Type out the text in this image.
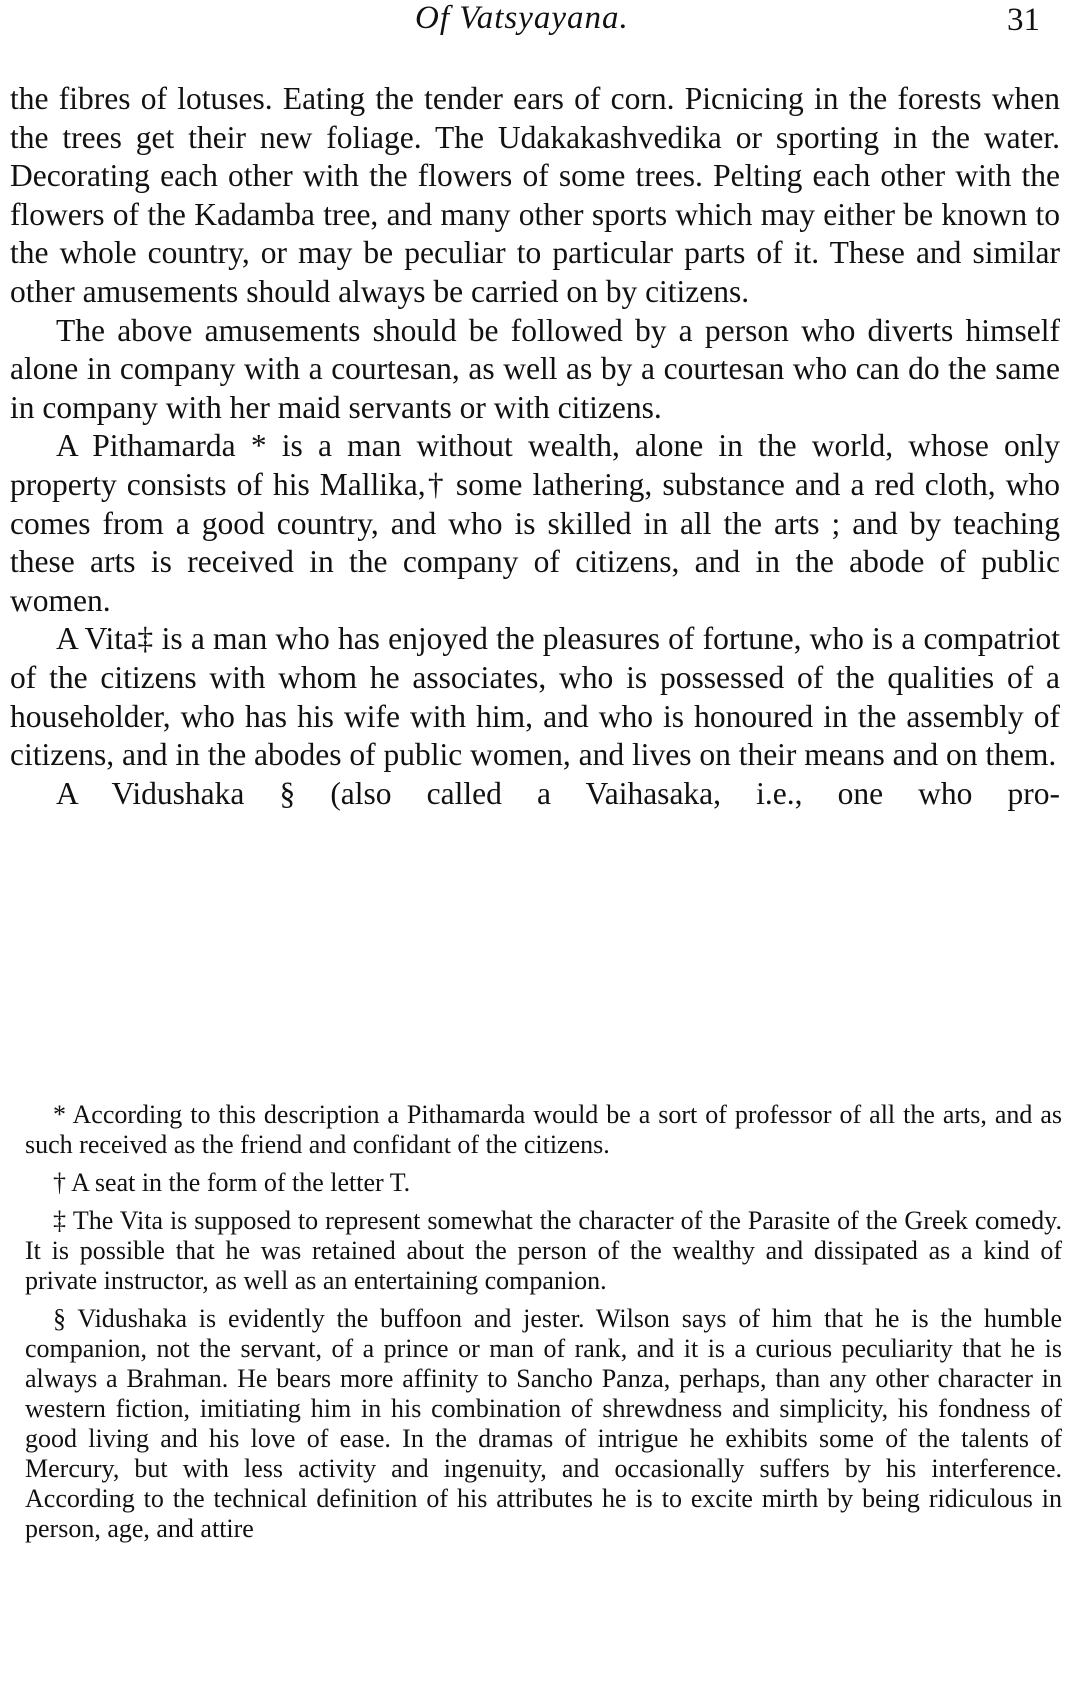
Of Vatsyayana.	31

the fibres of lotuses. Eating the tender ears of corn. Picnicing in the forests when the trees get their new foliage. The Udakakashvedika or sporting in the water. Decorating each other with the flowers of some trees. Pelting each other with the flowers of the Kadamba tree, and many other sports which may either be known to the whole country, or may be peculiar to particular parts of it. These and similar other amusements should always be carried on by citizens.

The above amusements should be followed by a person who diverts himself alone in company with a courtesan, as well as by a courtesan who can do the same in company with her maid servants or with citizens.

A Pithamarda * is a man without wealth, alone in the world, whose only property consists of his Mallika,† some lathering, substance and a red cloth, who comes from a good country, and who is skilled in all the arts ; and by teaching these arts is received in the company of citizens, and in the abode of public women.

A Vita‡ is a man who has enjoyed the pleasures of fortune, who is a compatriot of the citizens with whom he associates, who is possessed of the qualities of a householder, who has his wife with him, and who is honoured in the assembly of citizens, and in the abodes of public women, and lives on their means and on them.

A Vidushaka § (also called a Vaihasaka, i.e., one who pro-

* According to this description a Pithamarda would be a sort of professor of all the arts, and as such received as the friend and confidant of the citizens.

† A seat in the form of the letter T.

‡ The Vita is supposed to represent somewhat the character of the Parasite of the Greek comedy. It is possible that he was retained about the person of the wealthy and dissipated as a kind of private instructor, as well as an entertaining companion.

§ Vidushaka is evidently the buffoon and jester. Wilson says of him that he is the humble companion, not the servant, of a prince or man of rank, and it is a curious peculiarity that he is always a Brahman. He bears more affinity to Sancho Panza, perhaps, than any other character in western fiction, imitiating him in his combination of shrewdness and simplicity, his fondness of good living and his love of ease. In the dramas of intrigue he exhibits some of the talents of Mercury, but with less activity and ingenuity, and occasionally suffers by his interference. According to the technical definition of his attributes he is to excite mirth by being ridiculous in person, age, and attire
